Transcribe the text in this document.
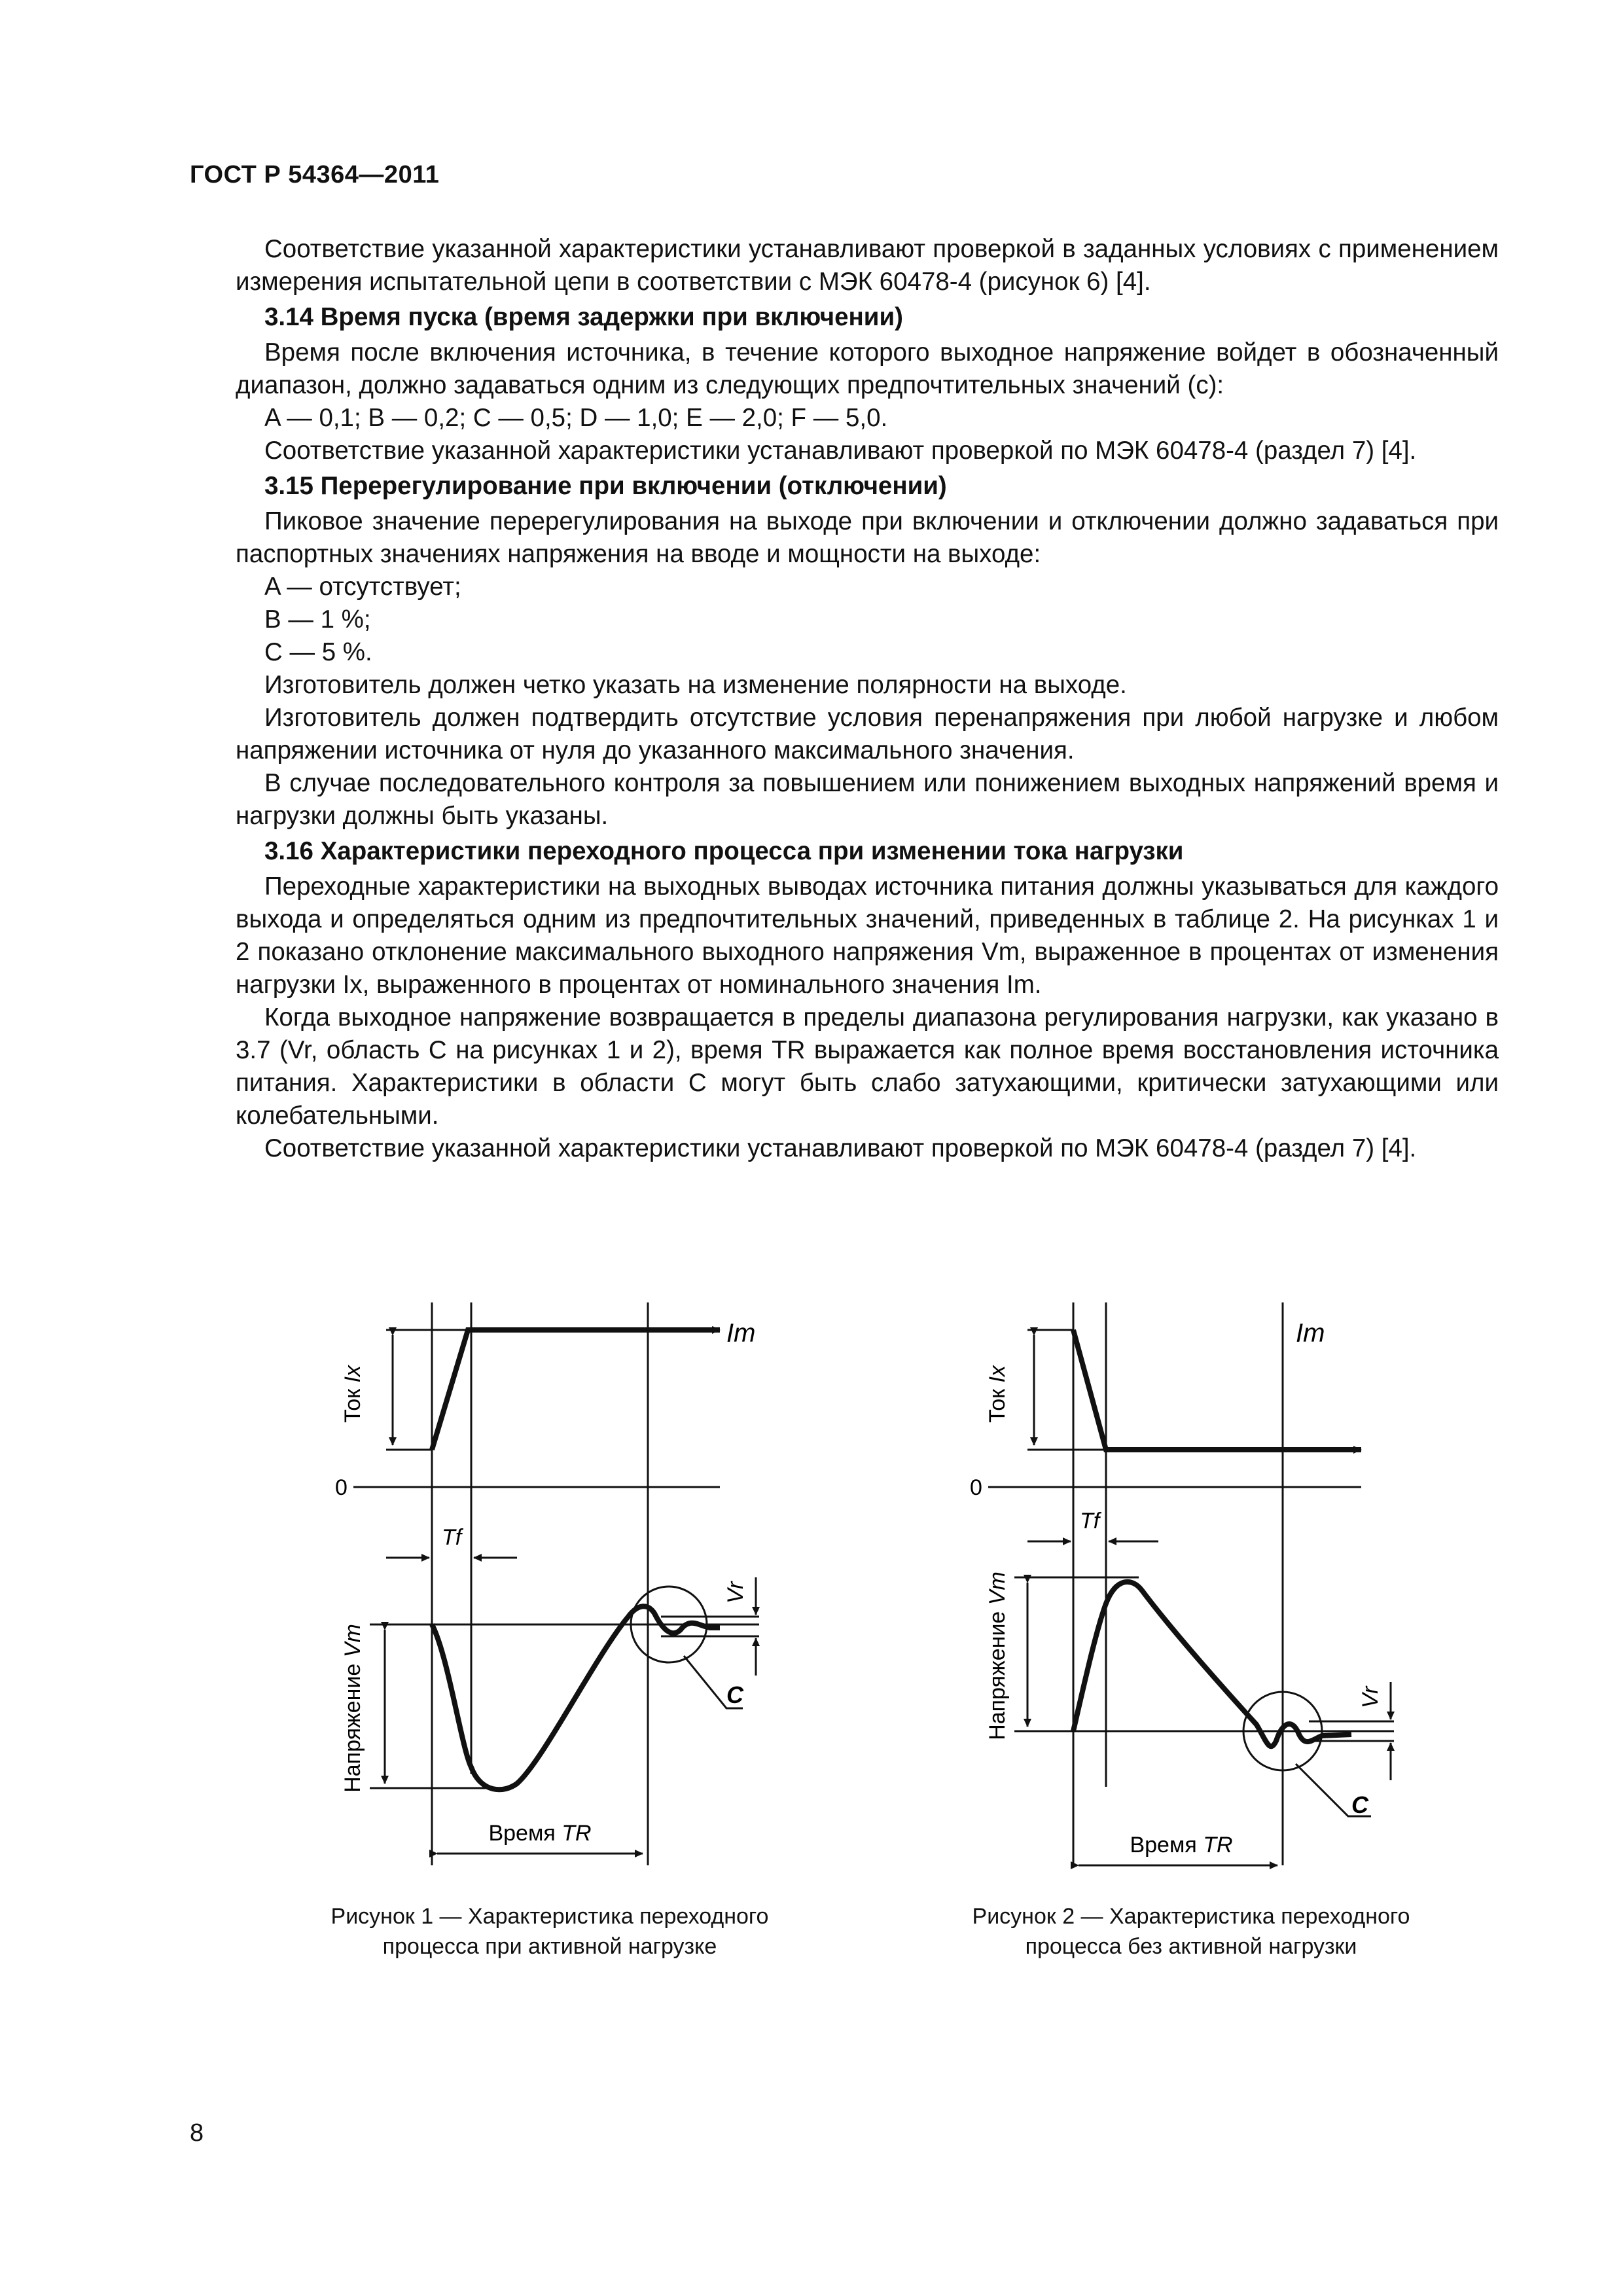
ГОСТ Р 54364—2011

Соответствие указанной характеристики устанавливают проверкой в заданных условиях с применением измерения испытательной цепи в соответствии с МЭК 60478-4 (рисунок 6) [4].

3.14 Время пуска (время задержки при включении)

Время после включения источника, в течение которого выходное напряжение войдет в обозначенный диапазон, должно задаваться одним из следующих предпочтительных значений (с):

A — 0,1; B — 0,2; C — 0,5; D — 1,0; E — 2,0; F — 5,0.

Соответствие указанной характеристики устанавливают проверкой по МЭК 60478-4 (раздел 7) [4].

3.15 Перерегулирование при включении (отключении)

Пиковое значение перерегулирования на выходе при включении и отключении должно задаваться при паспортных значениях напряжения на вводе и мощности на выходе:

A — отсутствует;

B — 1 %;

C — 5 %.

Изготовитель должен четко указать на изменение полярности на выходе.

Изготовитель должен подтвердить отсутствие условия перенапряжения при любой нагрузке и любом напряжении источника от нуля до указанного максимального значения.

В случае последовательного контроля за повышением или понижением выходных напряжений время и нагрузки должны быть указаны.

3.16 Характеристики переходного процесса при изменении тока нагрузки

Переходные характеристики на выходных выводах источника питания должны указываться для каждого выхода и определяться одним из предпочтительных значений, приведенных в таблице 2. На рисунках 1 и 2 показано отклонение максимального выходного напряжения Vm, выраженное в процентах от изменения нагрузки Ix, выраженного в процентах от номинального значения Im.

Когда выходное напряжение возвращается в пределы диапазона регулирования нагрузки, как указано в 3.7 (Vr, область C на рисунках 1 и 2), время TR выражается как полное время восстановления источника питания. Характеристики в области C могут быть слабо затухающими, критически затухающими или колебательными.

Соответствие указанной характеристики устанавливают проверкой по МЭК 60478-4 (раздел 7) [4].

Ток Ix
Im
0
Tf
Напряжение Vm
Vr
C
Время TR
Ток Ix
Im
0
Tf
Напряжение Vm
Vr
C
Время TR
Рисунок 1 — Характеристика переходного процесса при активной нагрузке
Рисунок 2 — Характеристика переходного процесса без активной нагрузки
8
